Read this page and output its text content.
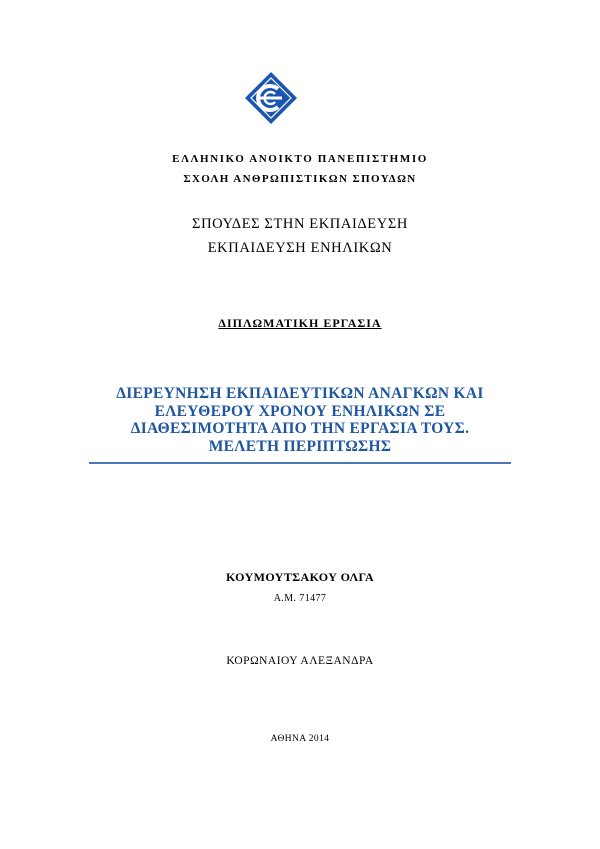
ΕΛΛΗΝΙΚΟ ΑΝΟΙΚΤΟ ΠΑΝΕΠΙΣΤΗΜΙΟ
ΣΧΟΛΗ ΑΝΘΡΩΠΙΣΤΙΚΩΝ ΣΠΟΥΔΩΝ
ΣΠΟΥΔΕΣ ΣΤΗΝ ΕΚΠΑΙΔΕΥΣΗ
ΕΚΠΑΙΔΕΥΣΗ ΕΝΗΛΙΚΩΝ
ΔΙΠΛΩΜΑΤΙΚΗ ΕΡΓΑΣΙΑ
ΔΙΕΡΕΥΝΗΣΗ ΕΚΠΑΙΔΕΥΤΙΚΩΝ ΑΝΑΓΚΩΝ ΚΑΙ
ΕΛΕΥΘΕΡΟΥ ΧΡΟΝΟΥ ΕΝΗΛΙΚΩΝ ΣΕ
ΔΙΑΘΕΣΙΜΟΤΗΤΑ ΑΠΟ ΤΗΝ ΕΡΓΑΣΙΑ ΤΟΥΣ.
ΜΕΛΕΤΗ ΠΕΡΙΠΤΩΣΗΣ
ΚΟΥΜΟΥΤΣΑΚΟΥ ΟΛΓΑ
Α.Μ. 71477
ΚΟΡΩΝΑΙΟΥ ΑΛΕΞΑΝΔΡΑ
ΑΘΗΝΑ 2014
